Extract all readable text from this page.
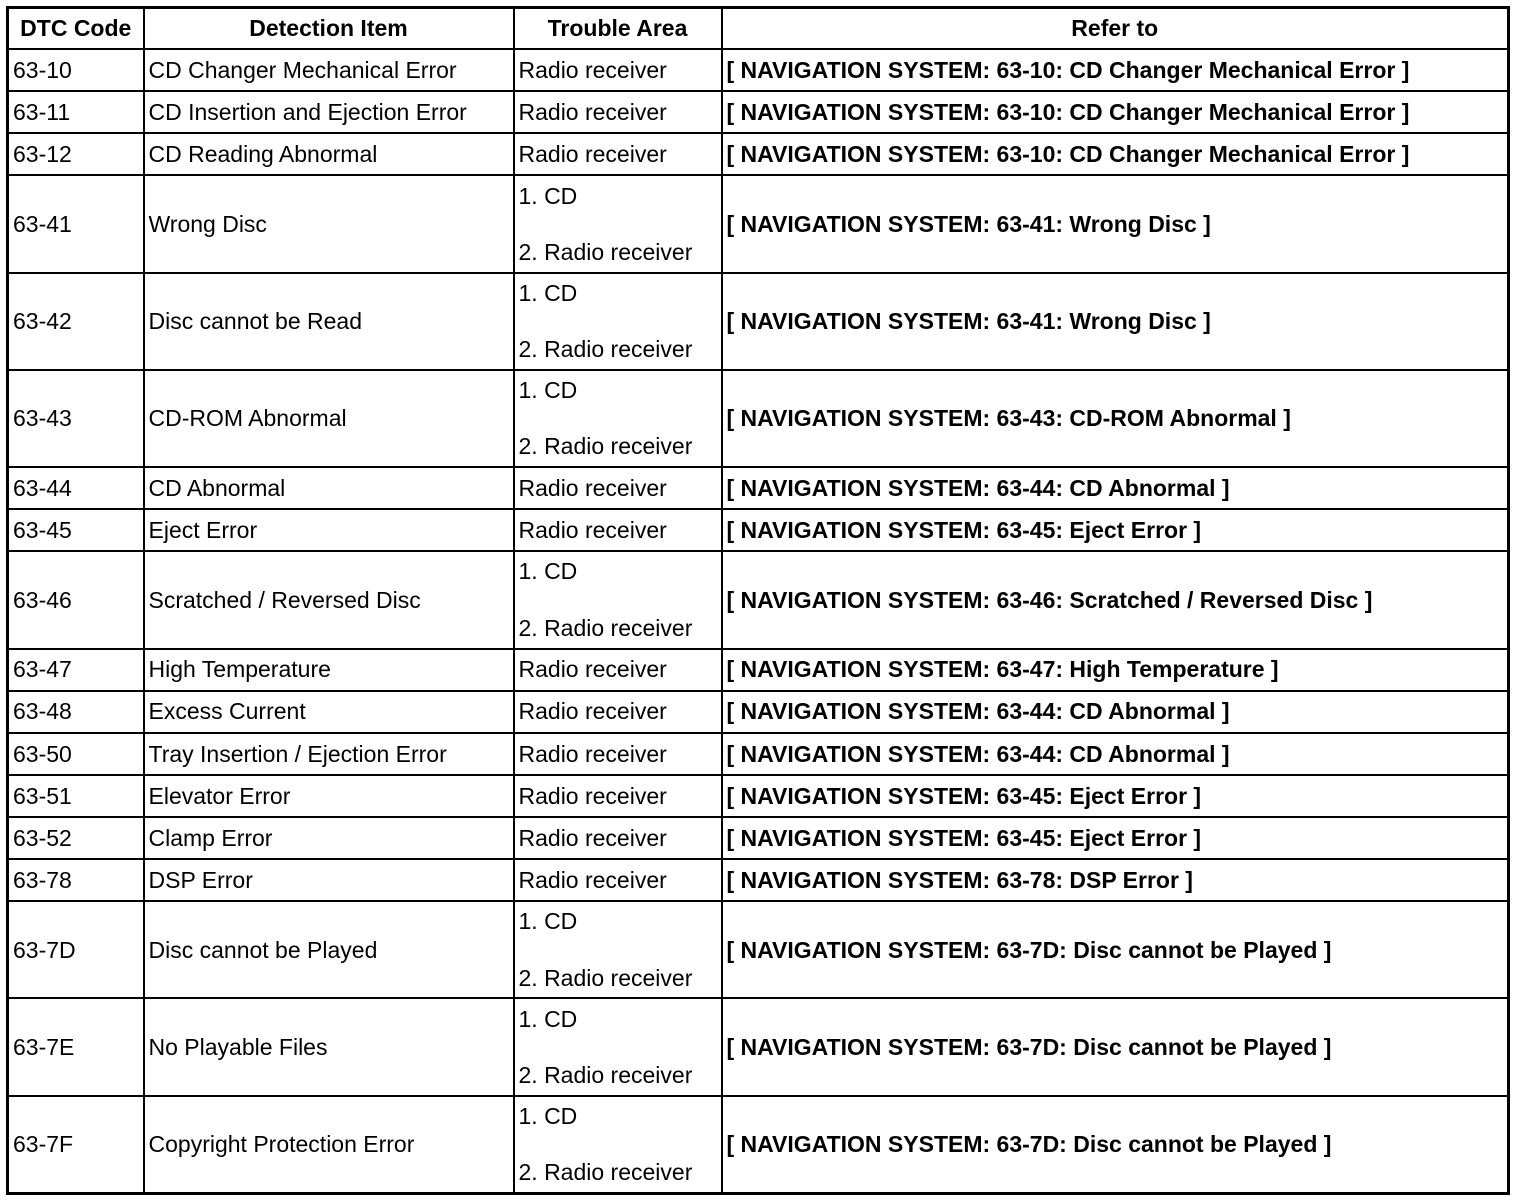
DTC Code	Detection Item	Trouble Area	Refer to
63-10	CD Changer Mechanical Error	Radio receiver	[ NAVIGATION SYSTEM: 63-10: CD Changer Mechanical Error ]
63-11	CD Insertion and Ejection Error	Radio receiver	[ NAVIGATION SYSTEM: 63-10: CD Changer Mechanical Error ]
63-12	CD Reading Abnormal	Radio receiver	[ NAVIGATION SYSTEM: 63-10: CD Changer Mechanical Error ]
63-41	Wrong Disc	1. CD
2. Radio receiver	[ NAVIGATION SYSTEM: 63-41: Wrong Disc ]
63-42	Disc cannot be Read	1. CD
2. Radio receiver	[ NAVIGATION SYSTEM: 63-41: Wrong Disc ]
63-43	CD-ROM Abnormal	1. CD
2. Radio receiver	[ NAVIGATION SYSTEM: 63-43: CD-ROM Abnormal ]
63-44	CD Abnormal	Radio receiver	[ NAVIGATION SYSTEM: 63-44: CD Abnormal ]
63-45	Eject Error	Radio receiver	[ NAVIGATION SYSTEM: 63-45: Eject Error ]
63-46	Scratched / Reversed Disc	1. CD
2. Radio receiver	[ NAVIGATION SYSTEM: 63-46: Scratched / Reversed Disc ]
63-47	High Temperature	Radio receiver	[ NAVIGATION SYSTEM: 63-47: High Temperature ]
63-48	Excess Current	Radio receiver	[ NAVIGATION SYSTEM: 63-44: CD Abnormal ]
63-50	Tray Insertion / Ejection Error	Radio receiver	[ NAVIGATION SYSTEM: 63-44: CD Abnormal ]
63-51	Elevator Error	Radio receiver	[ NAVIGATION SYSTEM: 63-45: Eject Error ]
63-52	Clamp Error	Radio receiver	[ NAVIGATION SYSTEM: 63-45: Eject Error ]
63-78	DSP Error	Radio receiver	[ NAVIGATION SYSTEM: 63-78: DSP Error ]
63-7D	Disc cannot be Played	1. CD
2. Radio receiver	[ NAVIGATION SYSTEM: 63-7D: Disc cannot be Played ]
63-7E	No Playable Files	1. CD
2. Radio receiver	[ NAVIGATION SYSTEM: 63-7D: Disc cannot be Played ]
63-7F	Copyright Protection Error	1. CD
2. Radio receiver	[ NAVIGATION SYSTEM: 63-7D: Disc cannot be Played ]
